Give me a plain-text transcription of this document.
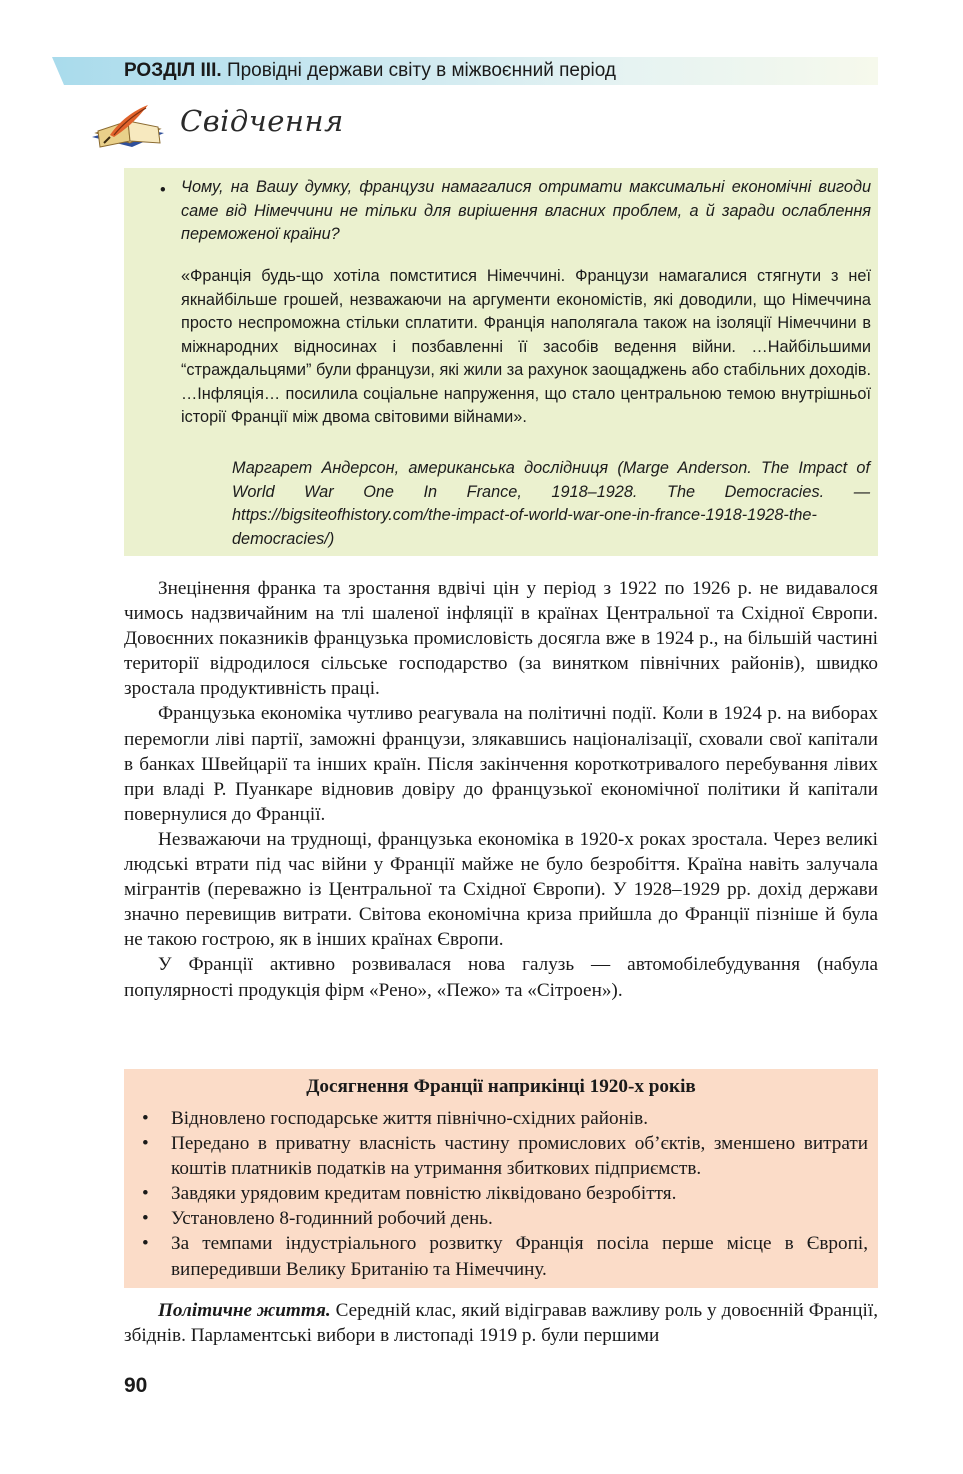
РОЗДІЛ III. Провідні держави світу в міжвоєнний період
Свідчення
• Чому, на Вашу думку, французи намагалися отримати максимальні економічні вигоди саме від Німеччини не тільки для вирішення власних проблем, а й заради ослаблення переможеної країни?
«Франція будь-що хотіла помститися Німеччині. Французи намагалися стягнути з неї якнайбільше грошей, незважаючи на аргументи економістів, які доводили, що Німеччина просто неспроможна стільки сплатити. Франція наполягала також на ізоляції Німеччини в міжнародних відносинах і позбавленні її засобів ведення війни. …Найбільшими “страждальцями” були французи, які жили за рахунок заощаджень або стабільних доходів. …Інфляція… посилила соціальне напруження, що стало центральною темою внутрішньої історії Франції між двома світовими війнами».
Маргарет Андерсон, американська дослідниця (Marge Anderson. The Impact of World War One In France, 1918–1928. The Democracies. — https://bigsiteofhistory.com/the-impact-of-world-war-one-in-france-1918-1928-the-democracies/)

Знецінення франка та зростання вдвічі цін у період з 1922 по 1926 р. не видавалося чимось надзвичайним на тлі шаленої інфляції в країнах Центральної та Східної Європи. Довоєнних показників французька промисловість досягла вже в 1924 р., на більшій частині території відродилося сільське господарство (за винятком північних районів), швидко зростала продуктивність праці.

Французька економіка чутливо реагувала на політичні події. Коли в 1924 р. на виборах перемогли ліві партії, заможні французи, злякавшись націоналізації, сховали свої капітали в банках Швейцарії та інших країн. Після закінчення короткотривалого перебування лівих при владі Р. Пуанкаре відновив довіру до французької економічної політики й капітали повернулися до Франції.

Незважаючи на труднощі, французька економіка в 1920-х роках зростала. Через великі людські втрати під час війни у Франції майже не було безробіття. Країна навіть залучала мігрантів (переважно із Центральної та Східної Європи). У 1928–1929 рр. дохід держави значно перевищив витрати. Світова економічна криза прийшла до Франції пізніше й була не такою гострою, як в інших країнах Європи.

У Франції активно розвивалася нова галузь — автомобілебудування (набула популярності продукція фірм «Рено», «Пежо» та «Сітроен»).

Досягнення Франції наприкінці 1920-х років
• Відновлено господарське життя північно-східних районів.
• Передано в приватну власність частину промислових об’єктів, зменшено витрати коштів платників податків на утримання збиткових підприємств.
• Завдяки урядовим кредитам повністю ліквідовано безробіття.
• Установлено 8-годинний робочий день.
• За темпами індустріального розвитку Франція посіла перше місце в Європі, випередивши Велику Британію та Німеччину.
Політичне життя. Середній клас, який відігравав важливу роль у довоєнній Франції, збіднів. Парламентські вибори в листопаді 1919 р. були першими
90
